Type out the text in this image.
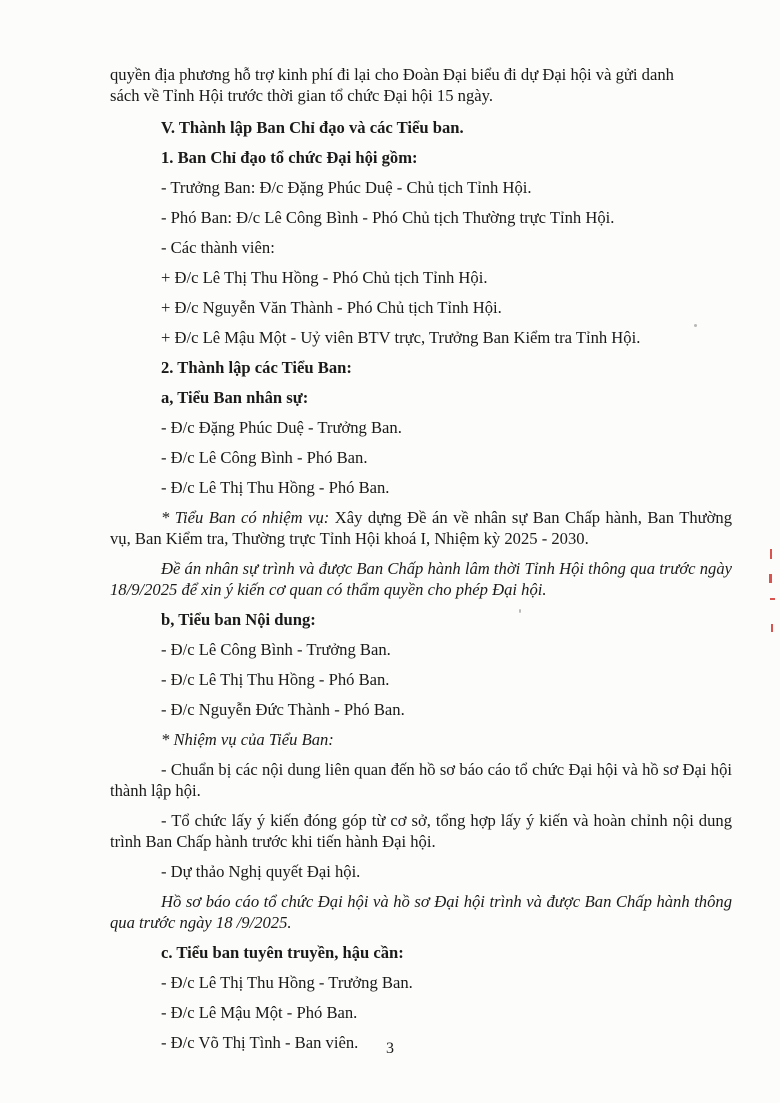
quyền địa phương hỗ trợ kinh phí đi lại cho Đoàn Đại biểu đi dự Đại hội và gửi danh

sách về Tỉnh Hội trước thời gian tổ chức Đại hội 15 ngày.

V. Thành lập Ban Chỉ đạo và các Tiểu ban.

1. Ban Chỉ đạo tổ chức Đại hội gồm:

- Trưởng Ban: Đ/c Đặng Phúc Duệ - Chủ tịch Tỉnh Hội.

- Phó Ban: Đ/c Lê Công Bình - Phó Chủ tịch Thường trực Tỉnh Hội.

- Các thành viên:

+ Đ/c Lê Thị Thu Hồng - Phó Chủ tịch Tỉnh Hội.

+ Đ/c Nguyễn Văn Thành - Phó Chủ tịch Tỉnh Hội.

+ Đ/c Lê Mậu Một - Uỷ viên BTV trực, Trưởng Ban Kiểm tra Tỉnh Hội.

2. Thành lập các Tiểu Ban:

a, Tiểu Ban nhân sự:

- Đ/c Đặng Phúc Duệ - Trưởng Ban.

- Đ/c Lê Công Bình - Phó Ban.

- Đ/c Lê Thị Thu Hồng - Phó Ban.

* Tiểu Ban có nhiệm vụ: Xây dựng Đề án về nhân sự Ban Chấp hành, Ban Thường vụ, Ban Kiểm tra, Thường trực Tỉnh Hội khoá I, Nhiệm kỳ 2025 - 2030.

Đề án nhân sự trình và được Ban Chấp hành lâm thời Tỉnh Hội thông qua trước ngày 18/9/2025 để xin ý kiến cơ quan có thẩm quyền cho phép Đại hội.

b, Tiểu ban Nội dung:

- Đ/c Lê Công Bình - Trưởng Ban.

- Đ/c Lê Thị Thu Hồng - Phó Ban.

- Đ/c Nguyễn Đức Thành - Phó Ban.

* Nhiệm vụ của Tiểu Ban:

- Chuẩn bị các nội dung liên quan đến hồ sơ báo cáo tổ chức Đại hội và hồ sơ Đại hội thành lập hội.

- Tổ chức lấy ý kiến đóng góp từ cơ sở, tổng hợp lấy ý kiến và hoàn chỉnh nội dung trình Ban Chấp hành trước khi tiến hành Đại hội.

- Dự thảo Nghị quyết Đại hội.

Hồ sơ báo cáo tổ chức Đại hội và hồ sơ Đại hội trình và được Ban Chấp hành thông qua trước ngày 18 /9/2025.

c. Tiểu ban tuyên truyền, hậu cần:

- Đ/c Lê Thị Thu Hồng - Trưởng Ban.

- Đ/c Lê Mậu Một - Phó Ban.

- Đ/c Võ Thị Tình - Ban viên.	3
